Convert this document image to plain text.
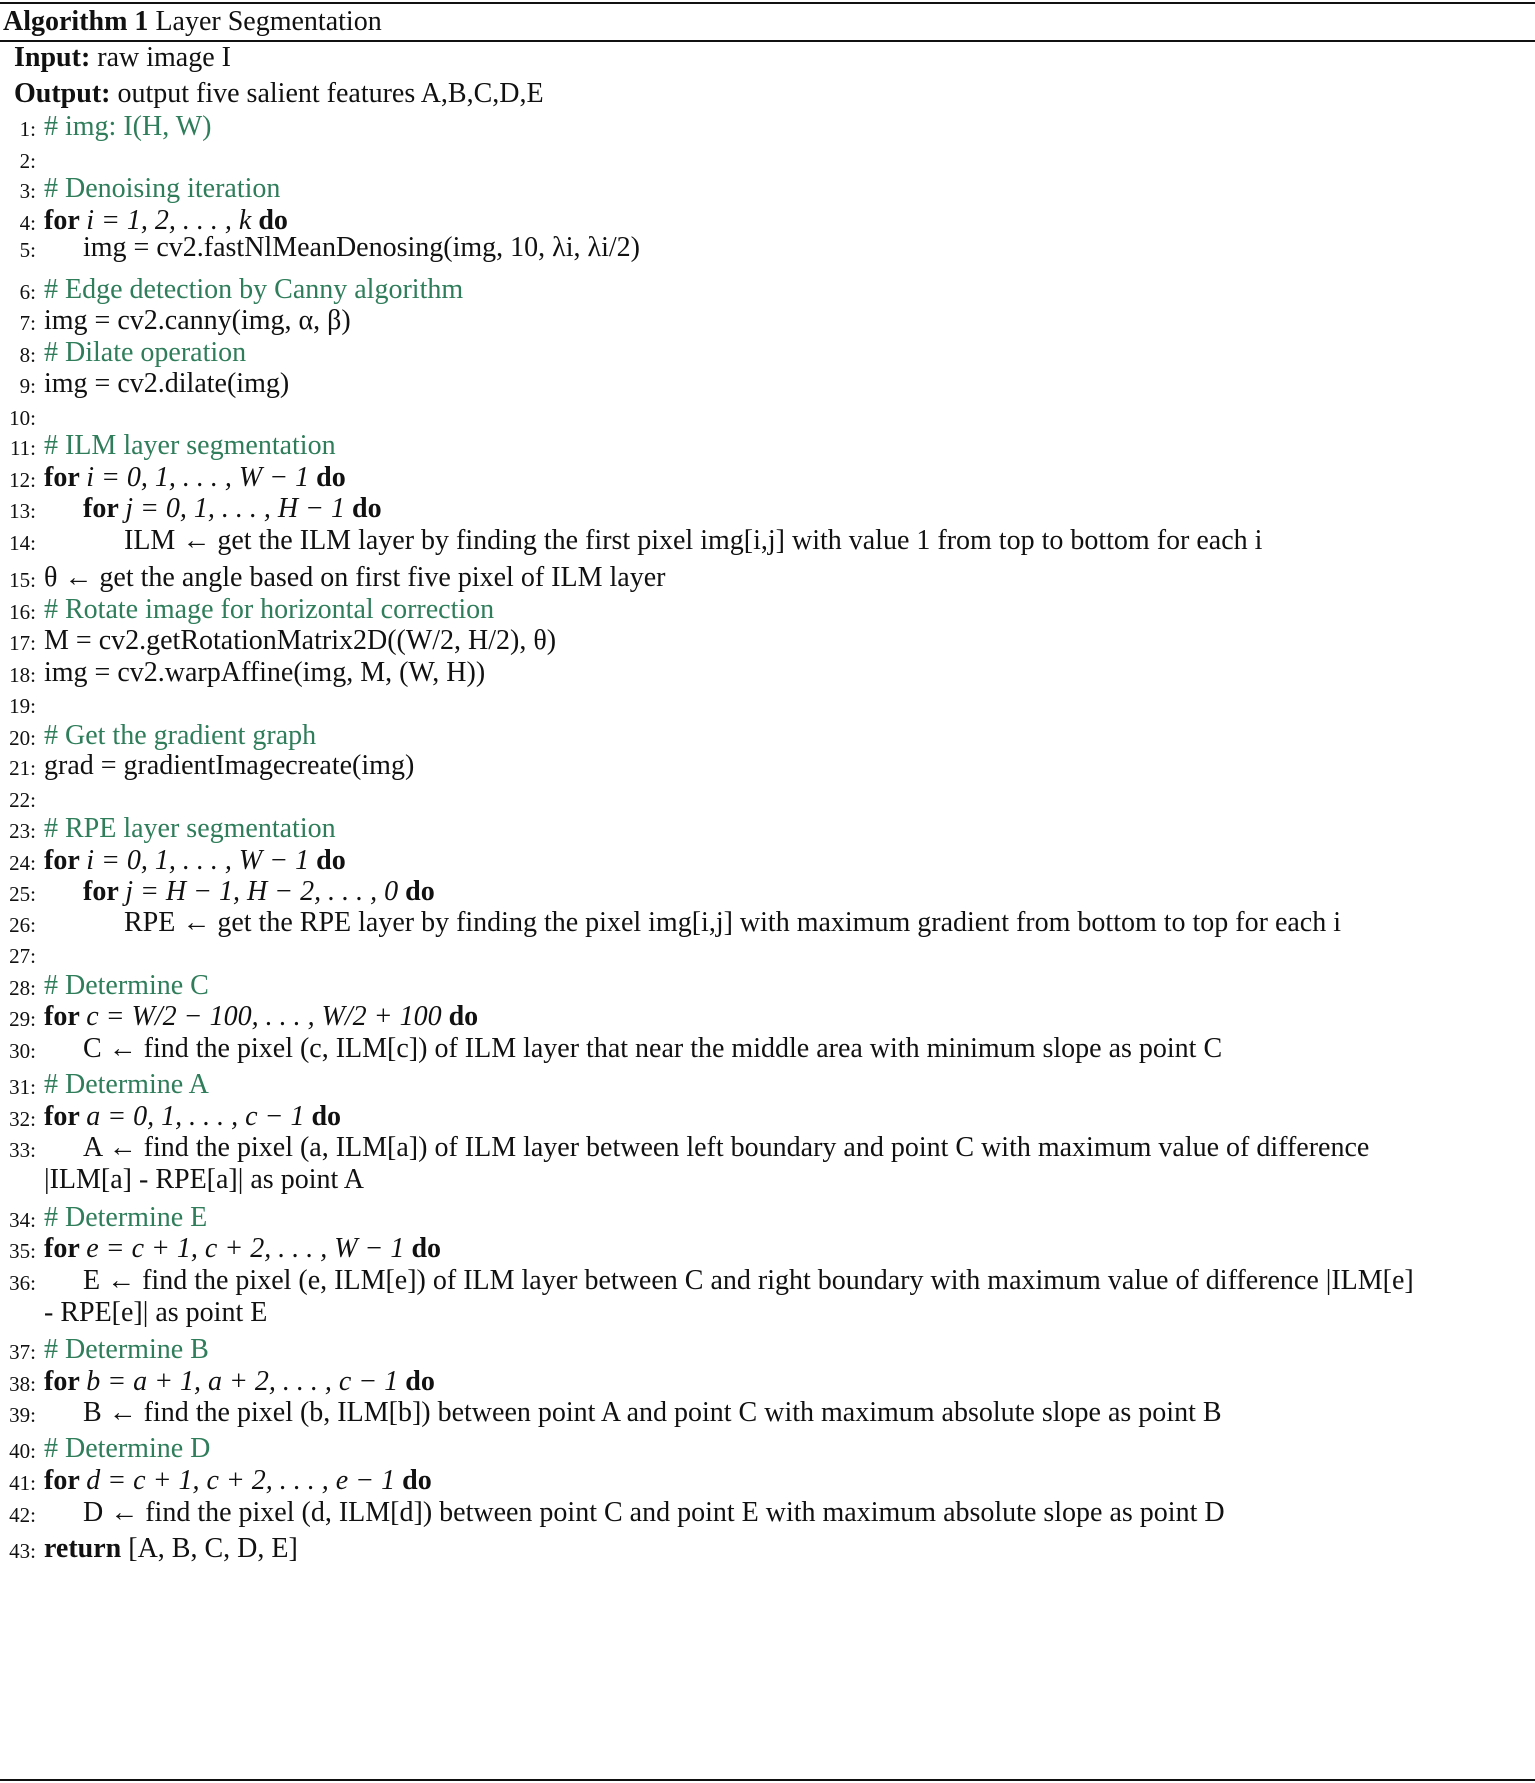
Algorithm 1 Layer Segmentation
Input: raw image I
Output: output five salient features A,B,C,D,E
1: # img: I(H, W)
2:
3: # Denoising iteration
4: for i = 1, 2, . . . , k do
5: img = cv2.fastNlMeanDenosing(img, 10, λi, λi/2)
6: # Edge detection by Canny algorithm
7: img = cv2.canny(img, α, β)
8: # Dilate operation
9: img = cv2.dilate(img)
10:
11: # ILM layer segmentation
12: for i = 0, 1, . . . , W − 1 do
13: for j = 0, 1, . . . , H − 1 do
14:	ILM ← get the ILM layer by finding the first pixel img[i,j] with value 1 from top to bottom for each i
15: θ ← get the angle based on first five pixel of ILM layer
16: # Rotate image for horizontal correction
17: M = cv2.getRotationMatrix2D((W/2, H/2), θ)
18: img = cv2.warpAffine(img, M, (W, H))
19:
20: # Get the gradient graph
21: grad = gradientImagecreate(img)
22:
23: # RPE layer segmentation
24: for i = 0, 1, . . . , W − 1 do
25: for j = H − 1, H − 2, . . . , 0 do
26:	RPE ← get the RPE layer by finding the pixel img[i,j] with maximum gradient from bottom to top for each i
27:
28: # Determine C
29: for c = W/2 − 100, . . . , W/2 + 100 do
30: C ← find the pixel (c, ILM[c]) of ILM layer that near the middle area with minimum slope as point C
31: # Determine A
32: for a = 0, 1, . . . , c − 1 do
33: A ← find the pixel (a, ILM[a]) of ILM layer between left boundary and point C with maximum value of difference
|ILM[a] - RPE[a]| as point A
34: # Determine E
35: for e = c + 1, c + 2, . . . , W − 1 do
36: E ← find the pixel (e, ILM[e]) of ILM layer between C and right boundary with maximum value of difference |ILM[e]
- RPE[e]| as point E
37: # Determine B
38: for b = a + 1, a + 2, . . . , c − 1 do
39: B ← find the pixel (b, ILM[b]) between point A and point C with maximum absolute slope as point B
40: # Determine D
41: for d = c + 1, c + 2, . . . , e − 1 do
42: D ← find the pixel (d, ILM[d]) between point C and point E with maximum absolute slope as point D
43: return [A, B, C, D, E]
